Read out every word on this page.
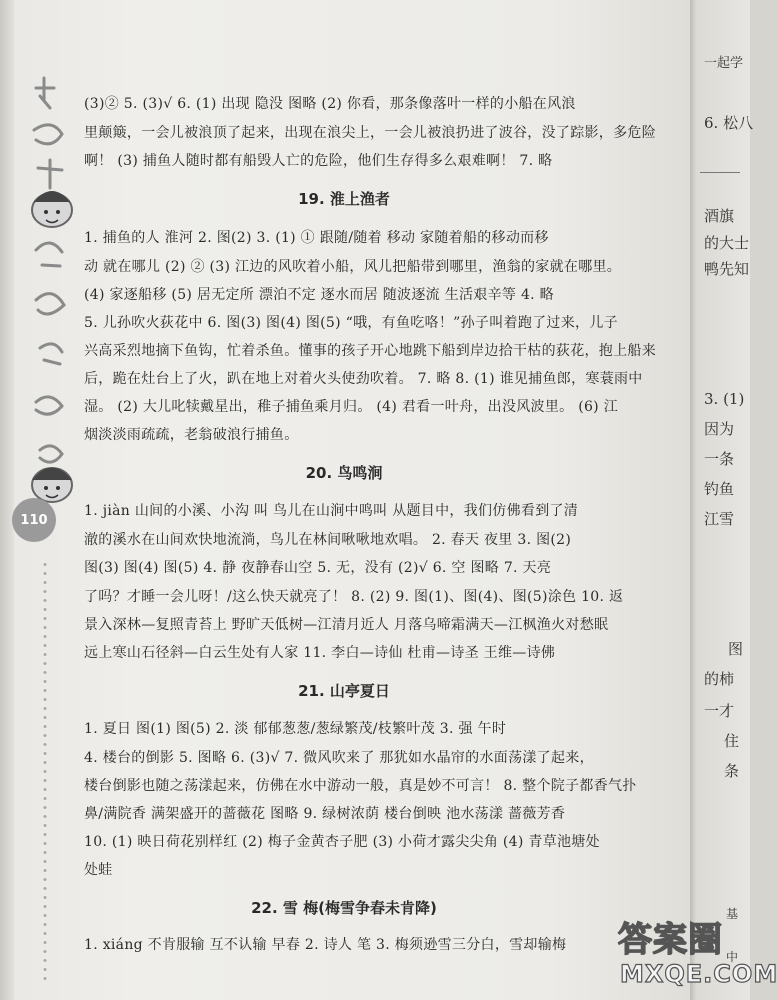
110
(3)② 5. (3)√ 6. (1) 出现 隐没 图略 (2) 你看，那条像落叶一样的小船在风浪
里颠簸，一会儿被浪顶了起来，出现在浪尖上，一会儿被浪扔进了波谷，没了踪影，多危险
啊！ (3) 捕鱼人随时都有船毁人亡的危险，他们生存得多么艰难啊！ 7. 略
19. 淮上渔者
1. 捕鱼的人 淮河 2. 图(2) 3. (1) ① 跟随/随着 移动 家随着船的移动而移
动 就在哪儿 (2) ② (3) 江边的风吹着小船，风儿把船带到哪里，渔翁的家就在哪里。
(4) 家逐船移 (5) 居无定所 漂泊不定 逐水而居 随波逐流 生活艰辛等 4. 略
5. 儿孙吹火荻花中 6. 图(3) 图(4) 图(5) “哦，有鱼吃咯！”孙子叫着跑了过来，儿子
兴高采烈地摘下鱼钩，忙着杀鱼。懂事的孩子开心地跳下船到岸边拾干枯的荻花，抱上船来
后，跪在灶台上了火，趴在地上对着火头使劲吹着。 7. 略 8. (1) 谁见捕鱼郎，寒蓑雨中
湿。 (2) 大儿叱犊戴星出，稚子捕鱼乘月归。 (4) 君看一叶舟，出没风波里。 (6) 江
烟淡淡雨疏疏，老翁破浪行捕鱼。
20. 鸟鸣涧
1. jiàn 山间的小溪、小沟 叫 鸟儿在山涧中鸣叫 从题目中，我们仿佛看到了清
澈的溪水在山间欢快地流淌，鸟儿在林间啾啾地欢唱。 2. 春天 夜里 3. 图(2)
图(3) 图(4) 图(5) 4. 静 夜静春山空 5. 无，没有 (2)√ 6. 空 图略 7. 天亮
了吗？才睡一会儿呀！/这么快天就亮了！ 8. (2) 9. 图(1)、图(4)、图(5)涂色 10. 返
景入深林—复照青苔上 野旷天低树—江清月近人 月落乌啼霜满天—江枫渔火对愁眠
远上寒山石径斜—白云生处有人家 11. 李白—诗仙 杜甫—诗圣 王维—诗佛
21. 山亭夏日
1. 夏日 图(1) 图(5) 2. 淡 郁郁葱葱/葱绿繁茂/枝繁叶茂 3. 强 午时
4. 楼台的倒影 5. 图略 6. (3)√ 7. 微风吹来了 那犹如水晶帘的水面荡漾了起来，
楼台倒影也随之荡漾起来，仿佛在水中游动一般，真是妙不可言！ 8. 整个院子都香气扑
鼻/满院香 满架盛开的蔷薇花 图略 9. 绿树浓荫 楼台倒映 池水荡漾 蔷薇芳香
10. (1) 映日荷花别样红 (2) 梅子金黄杏子肥 (3) 小荷才露尖尖角 (4) 青草池塘处
处蛙
22. 雪 梅(梅雪争春未肯降)
1. xiáng 不肯服输 互不认输 早春 2. 诗人 笔 3. 梅须逊雪三分白，雪却输梅
一起学
6. 松八
酒旗
的大士
鸭先知
3. (1)
因为
一条
钓鱼
江雪
图
的柿
一才
住
条
基
中
答案圈
MXQE.COM
